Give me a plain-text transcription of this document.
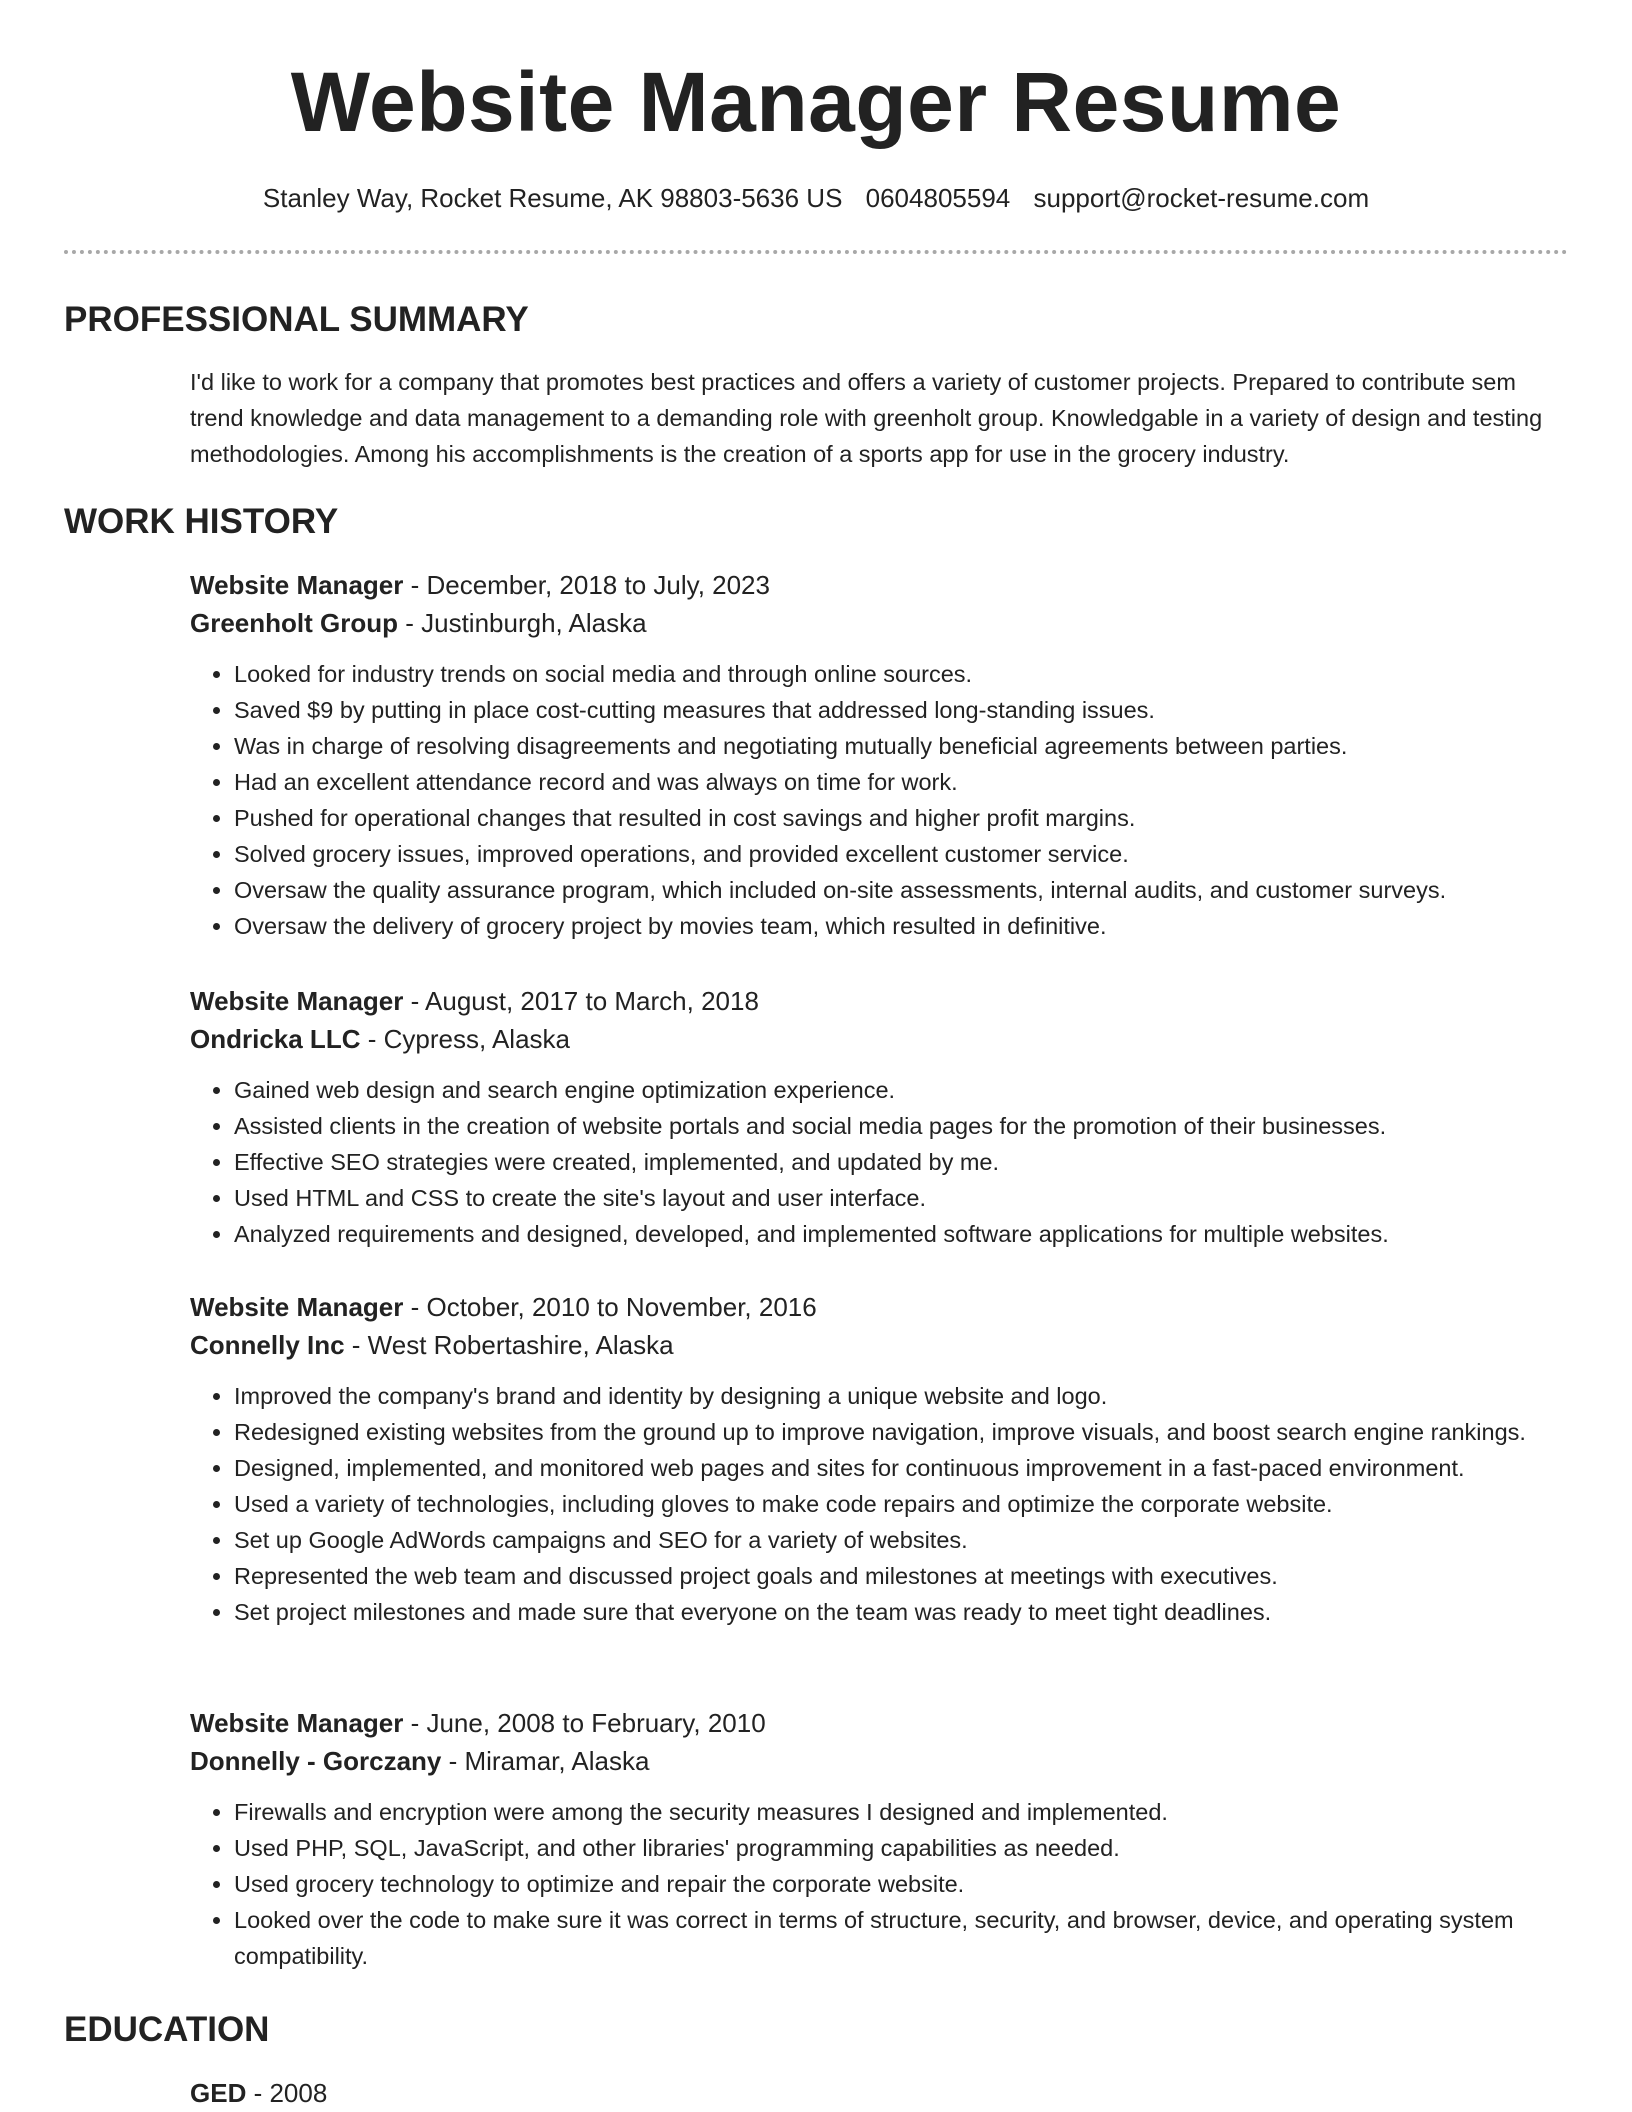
Website Manager Resume
Stanley Way, Rocket Resume, AK 98803-5636 US 0604805594 support@rocket-resume.com
PROFESSIONAL SUMMARY

I'd like to work for a company that promotes best practices and offers a variety of customer projects. Prepared to contribute sem trend knowledge and data management to a demanding role with greenholt group. Knowledgable in a variety of design and testing methodologies. Among his accomplishments is the creation of a sports app for use in the grocery industry.

WORK HISTORY
Website Manager - December, 2018 to July, 2023
Greenholt Group - Justinburgh, Alaska
• Looked for industry trends on social media and through online sources.
• Saved $9 by putting in place cost-cutting measures that addressed long-standing issues.
• Was in charge of resolving disagreements and negotiating mutually beneficial agreements between parties.
• Had an excellent attendance record and was always on time for work.
• Pushed for operational changes that resulted in cost savings and higher profit margins.
• Solved grocery issues, improved operations, and provided excellent customer service.
• Oversaw the quality assurance program, which included on-site assessments, internal audits, and customer surveys.
• Oversaw the delivery of grocery project by movies team, which resulted in definitive.
Website Manager - August, 2017 to March, 2018
Ondricka LLC - Cypress, Alaska
• Gained web design and search engine optimization experience.
• Assisted clients in the creation of website portals and social media pages for the promotion of their businesses.
• Effective SEO strategies were created, implemented, and updated by me.
• Used HTML and CSS to create the site's layout and user interface.
• Analyzed requirements and designed, developed, and implemented software applications for multiple websites.
Website Manager - October, 2010 to November, 2016
Connelly Inc - West Robertashire, Alaska
• Improved the company's brand and identity by designing a unique website and logo.
• Redesigned existing websites from the ground up to improve navigation, improve visuals, and boost search engine rankings.
• Designed, implemented, and monitored web pages and sites for continuous improvement in a fast-paced environment.
• Used a variety of technologies, including gloves to make code repairs and optimize the corporate website.
• Set up Google AdWords campaigns and SEO for a variety of websites.
• Represented the web team and discussed project goals and milestones at meetings with executives.
• Set project milestones and made sure that everyone on the team was ready to meet tight deadlines.
Website Manager - June, 2008 to February, 2010
Donnelly - Gorczany - Miramar, Alaska
• Firewalls and encryption were among the security measures I designed and implemented.
• Used PHP, SQL, JavaScript, and other libraries' programming capabilities as needed.
• Used grocery technology to optimize and repair the corporate website.
• Looked over the code to make sure it was correct in terms of structure, security, and browser, device, and operating system compatibility.
EDUCATION
GED - 2008
